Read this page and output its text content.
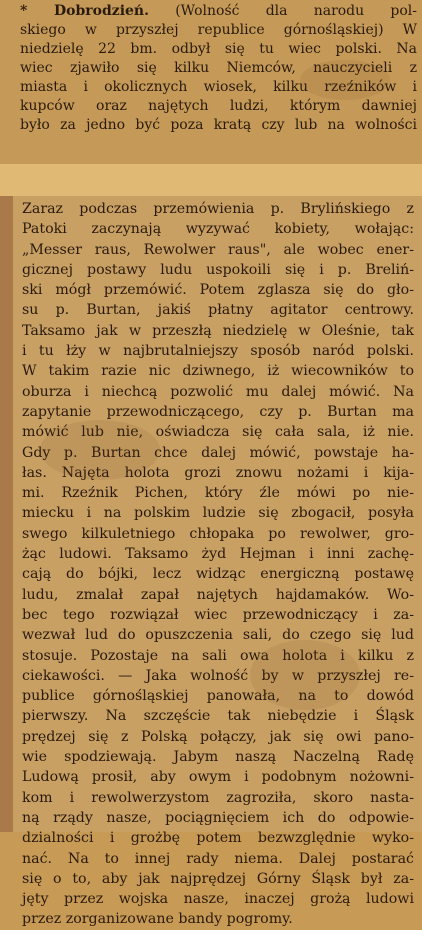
* Dobrodzień. (Wolność dla narodu pol-
skiego w przyszłej republice górnośląskiej) W
niedzielę 22 bm. odbył się tu wiec polski. Na
wiec zjawiło się kilku Niemców, nauczycieli z
miasta i okolicznych wiosek, kilku rzeźników i
kupców oraz najętych ludzi, którym dawniej
było za jedno być poza kratą czy lub na wolności

Zaraz podczas przemówienia p. Brylińskiego z
Patoki zaczynają wyzywać kobiety, wołając:
„Messer raus, Rewolwer raus", ale wobec ener-
gicznej postawy ludu uspokoili się i p. Breliń-
ski mógł przemówić. Potem zglasza się do gło-
su p. Burtan, jakiś płatny agitator centrowy.
Taksamo jak w przeszłą niedzielę w Oleśnie, tak
i tu łży w najbrutalniejszy sposób naród polski.
W takim razie nic dziwnego, iż wiecowników to
oburza i niechcą pozwolić mu dalej mówić. Na
zapytanie przewodniczącego, czy p. Burtan ma
mówić lub nie, oświadcza się cała sala, iż nie.
Gdy p. Burtan chce dalej mówić, powstaje ha-
łas. Najęta holota grozi znowu nożami i kija-
mi. Rzeźnik Pichen, który źle mówi po nie-
miecku i na polskim ludzie się zbogacił, posyła
swego kilkuletniego chłopaka po rewolwer, gro-
żąc ludowi. Taksamo żyd Hejman i inni zachę-
cają do bójki, lecz widząc energiczną postawę
ludu, zmalał zapał najętych hajdamaków. Wo-
bec tego rozwiązał wiec przewodniczący i za-
wezwał lud do opuszczenia sali, do czego się lud
stosuje. Pozostaje na sali owa holota i kilku z
ciekawości. — Jaka wolność by w przyszłej re-
publice górnośląskiej panowała, na to dowód
pierwszy. Na szczęście tak niebędzie i Śląsk
prędzej się z Polską połączy, jak się owi pano-
wie spodziewają. Jabym naszą Naczelną Radę
Ludową prosił, aby owym i podobnym nożowni-
kom i rewolwerzystom zagroziła, skoro nasta-
ną rządy nasze, pociągnięciem ich do odpowie-
dzialności i grożbę potem bezwzględnie wyko-
nać. Na to innej rady niema. Dalej postarać
się o to, aby jak najprędzej Górny Śląsk był za-
jęty przez wojska nasze, inaczej grożą ludowi
przez zorganizowane bandy pogromy.
